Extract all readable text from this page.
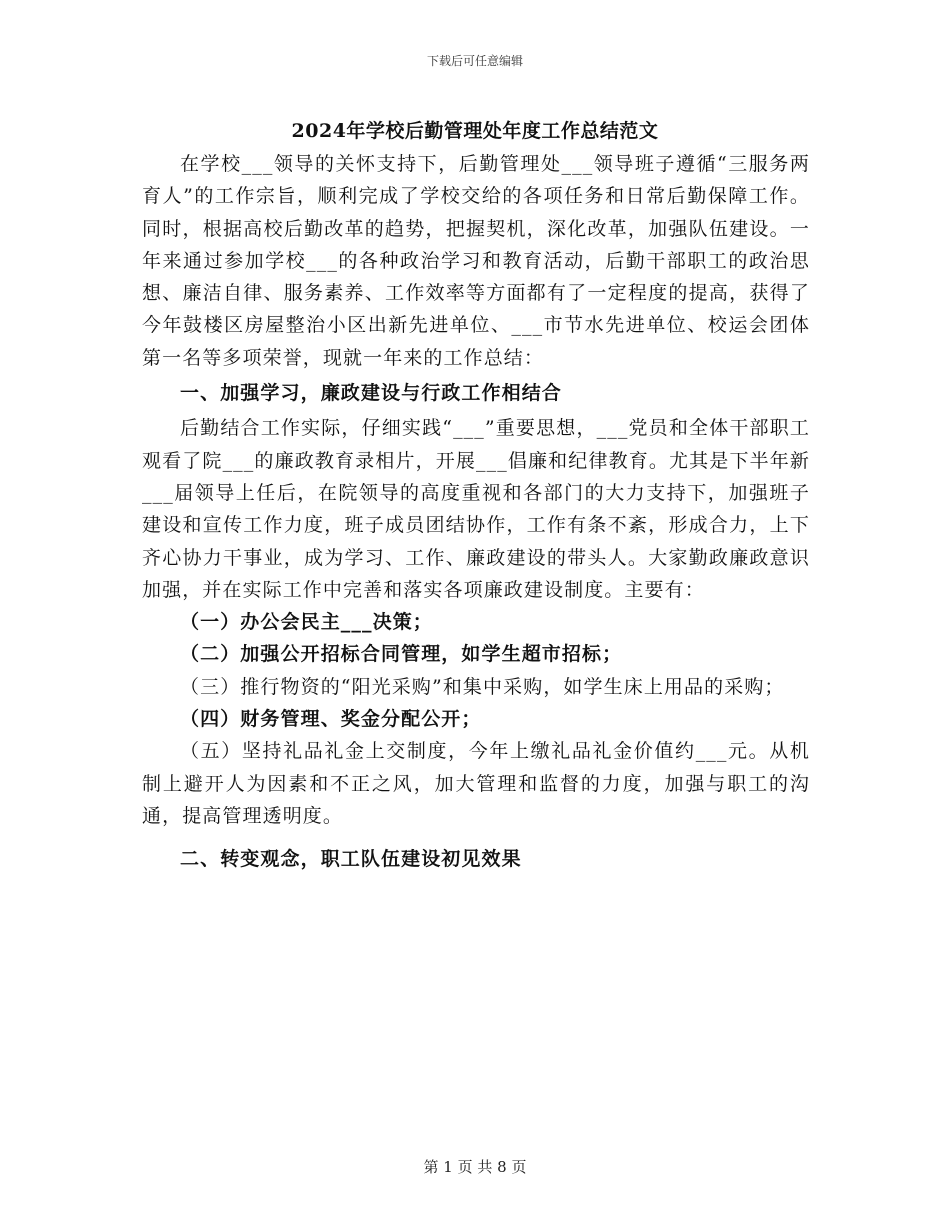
下载后可任意编辑
2024年学校后勤管理处年度工作总结范文

在学校___领导的关怀支持下，后勤管理处___领导班子遵循“三服务两育人”的工作宗旨，顺利完成了学校交给的各项任务和日常后勤保障工作。同时，根据高校后勤改革的趋势，把握契机，深化改革，加强队伍建设。一年来通过参加学校___的各种政治学习和教育活动，后勤干部职工的政治思想、廉洁自律、服务素养、工作效率等方面都有了一定程度的提高，获得了今年鼓楼区房屋整治小区出新先进单位、___市节水先进单位、校运会团体第一名等多项荣誉，现就一年来的工作总结：

一、加强学习，廉政建设与行政工作相结合

后勤结合工作实际，仔细实践“___”重要思想，___党员和全体干部职工观看了院___的廉政教育录相片，开展___倡廉和纪律教育。尤其是下半年新___届领导上任后，在院领导的高度重视和各部门的大力支持下，加强班子建设和宣传工作力度，班子成员团结协作，工作有条不紊，形成合力，上下齐心协力干事业，成为学习、工作、廉政建设的带头人。大家勤政廉政意识加强，并在实际工作中完善和落实各项廉政建设制度。主要有：

（一）办公会民主___决策；

（二）加强公开招标合同管理，如学生超市招标；

（三）推行物资的“阳光采购”和集中采购，如学生床上用品的采购；

（四）财务管理、奖金分配公开；

（五）坚持礼品礼金上交制度，今年上缴礼品礼金价值约___元。从机制上避开人为因素和不正之风，加大管理和监督的力度，加强与职工的沟通，提高管理透明度。

二、转变观念，职工队伍建设初见效果

第 1 页 共 8 页
